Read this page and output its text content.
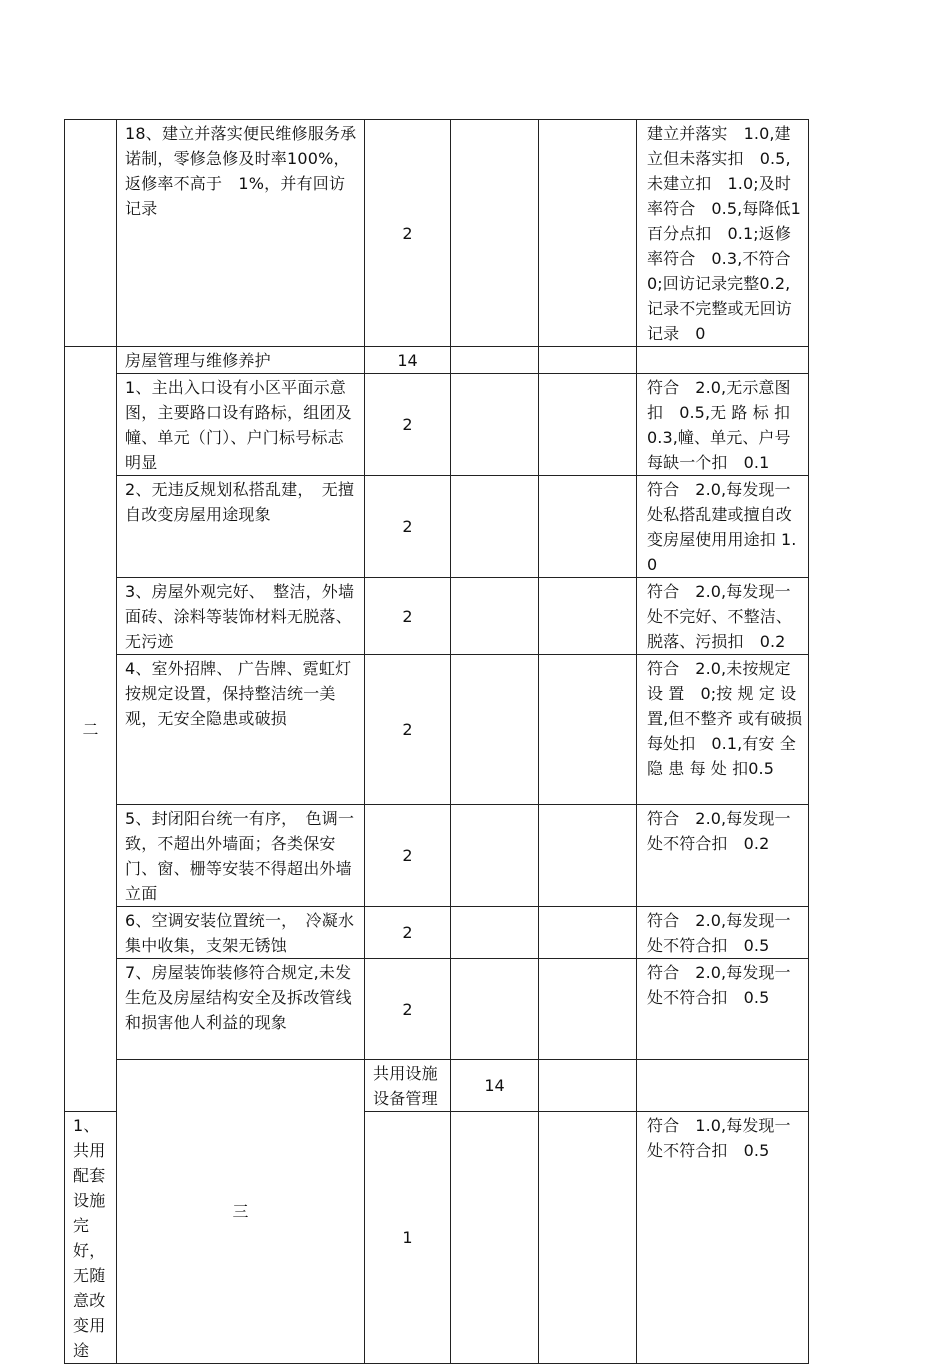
	18、建立并落实便民维修服务承诺制，零修急修及时率100%，返修率不高于　1%，并有回访记录	2			建立并落实　1.0,建立但未落实扣　0.5,未建立扣　1.0;及时率符合　0.5,每降低1 百分点扣　0.1;返修率符合　0.3,不符合 0;回访记录完整0.2,记录不完整或无回访记录　0	
二	房屋管理与维修养护	14				
	1、主出入口设有小区平面示意图，主要路口设有路标，组团及幢、单元（门）、户门标号标志明显	2			符合　2.0,无示意图扣　0.5,无 路 标 扣0.3,幢、单元、户号每缺一个扣　0.1	
	2、无违反规划私搭乱建，　无擅自改变房屋用途现象	2			符合　2.0,每发现一处私搭乱建或擅自改变房屋使用用途扣 1.0	
	3、房屋外观完好、　整洁，外墙面砖、涂料等装饰材料无脱落、无污迹	2			符合　2.0,每发现一处不完好、不整洁、脱落、污损扣　0.2	
	4、室外招牌、 广告牌、霓虹灯按规定设置，保持整洁统一美观，无安全隐患或破损	2			符合　2.0,未按规定设 置　0;按 规 定 设置,但不整齐 或有破损每处扣　0.1,有安 全 隐 患 每 处 扣0.5	
	5、封闭阳台统一有序，　色调一致，不超出外墙面；各类保安门、窗、栅等安装不得超出外墙立面	2			符合　2.0,每发现一处不符合扣　0.2	
	6、空调安装位置统一，　冷凝水集中收集，支架无锈蚀	2			符合　2.0,每发现一处不符合扣　0.5	
	7、房屋装饰装修符合规定,未发生危及房屋结构安全及拆改管线和损害他人利益的现象	2			符合　2.0,每发现一处不符合扣　0.5	
	三	共用设施设备管理	14			
1、共用配套设施完好，　无随意改变用途		1			符合　1.0,每发现一处不符合扣　0.5	
